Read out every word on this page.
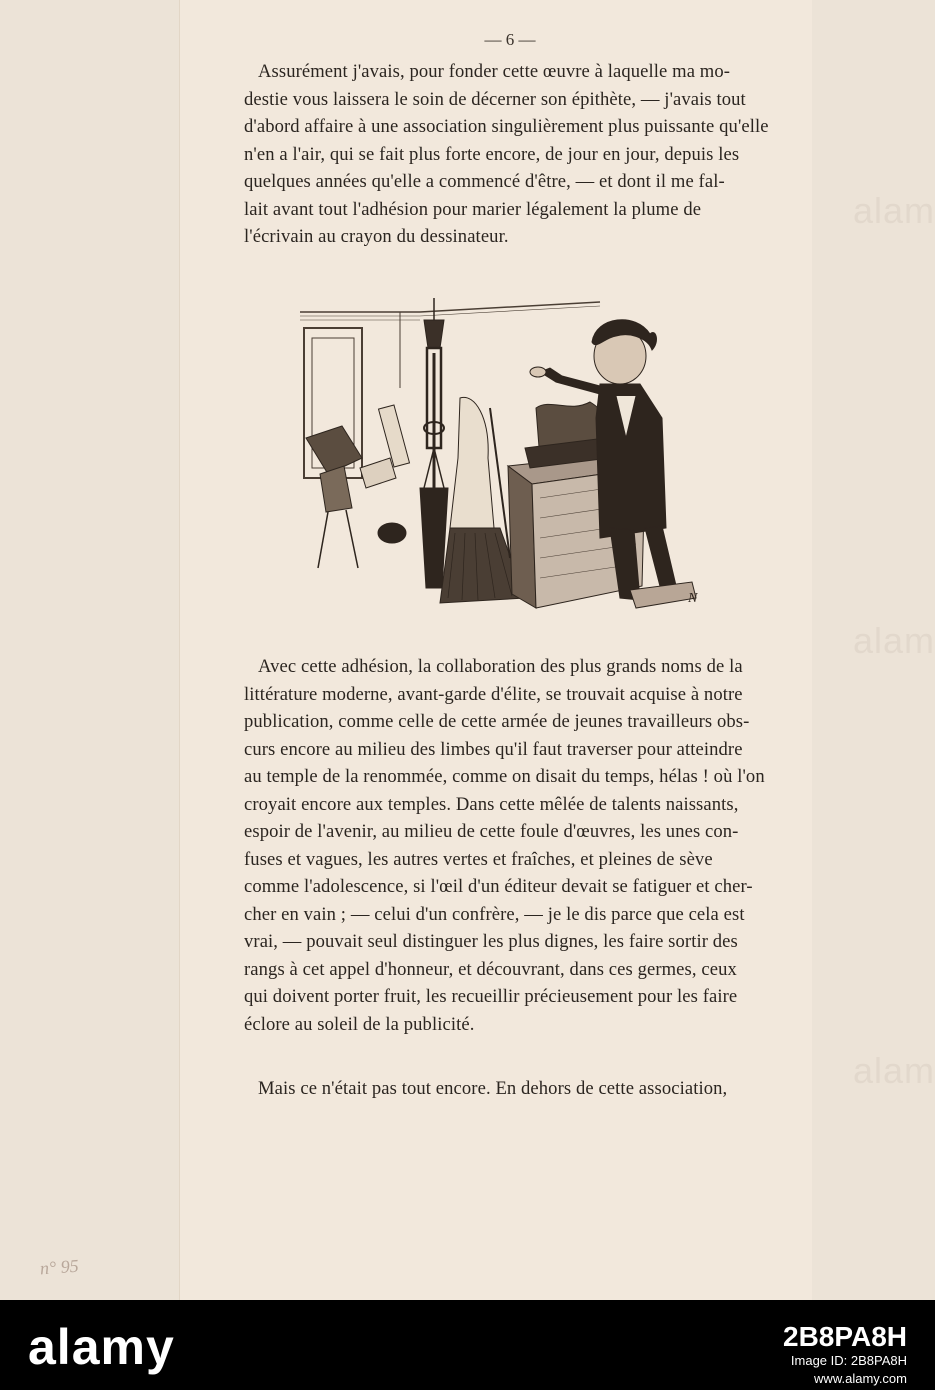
alam
alam
alam
— 6 —

Assurément j'avais, pour fonder cette œuvre à laquelle ma mo-
destie vous laissera le soin de décerner son épithète, — j'avais tout
d'abord affaire à une association singulièrement plus puissante qu'elle
n'en a l'air, qui se fait plus forte encore, de jour en jour, depuis les
quelques années qu'elle a commencé d'être, — et dont il me fal-
lait avant tout l'adhésion pour marier légalement la plume de
l'écrivain au crayon du dessinateur.

N

Avec cette adhésion, la collaboration des plus grands noms de la
littérature moderne, avant-garde d'élite, se trouvait acquise à notre
publication, comme celle de cette armée de jeunes travailleurs obs-
curs encore au milieu des limbes qu'il faut traverser pour atteindre
au temple de la renommée, comme on disait du temps, hélas ! où l'on
croyait encore aux temples. Dans cette mêlée de talents naissants,
espoir de l'avenir, au milieu de cette foule d'œuvres, les unes con-
fuses et vagues, les autres vertes et fraîches, et pleines de sève
comme l'adolescence, si l'œil d'un éditeur devait se fatiguer et cher-
cher en vain ; — celui d'un confrère, — je le dis parce que cela est
vrai, — pouvait seul distinguer les plus dignes, les faire sortir des
rangs à cet appel d'honneur, et découvrant, dans ces germes, ceux
qui doivent porter fruit, les recueillir précieusement pour les faire
éclore au soleil de la publicité.

Mais ce n'était pas tout encore. En dehors de cette association,

n° 95
alamy	2B8PA8H
Image ID: 2B8PA8H
www.alamy.com
